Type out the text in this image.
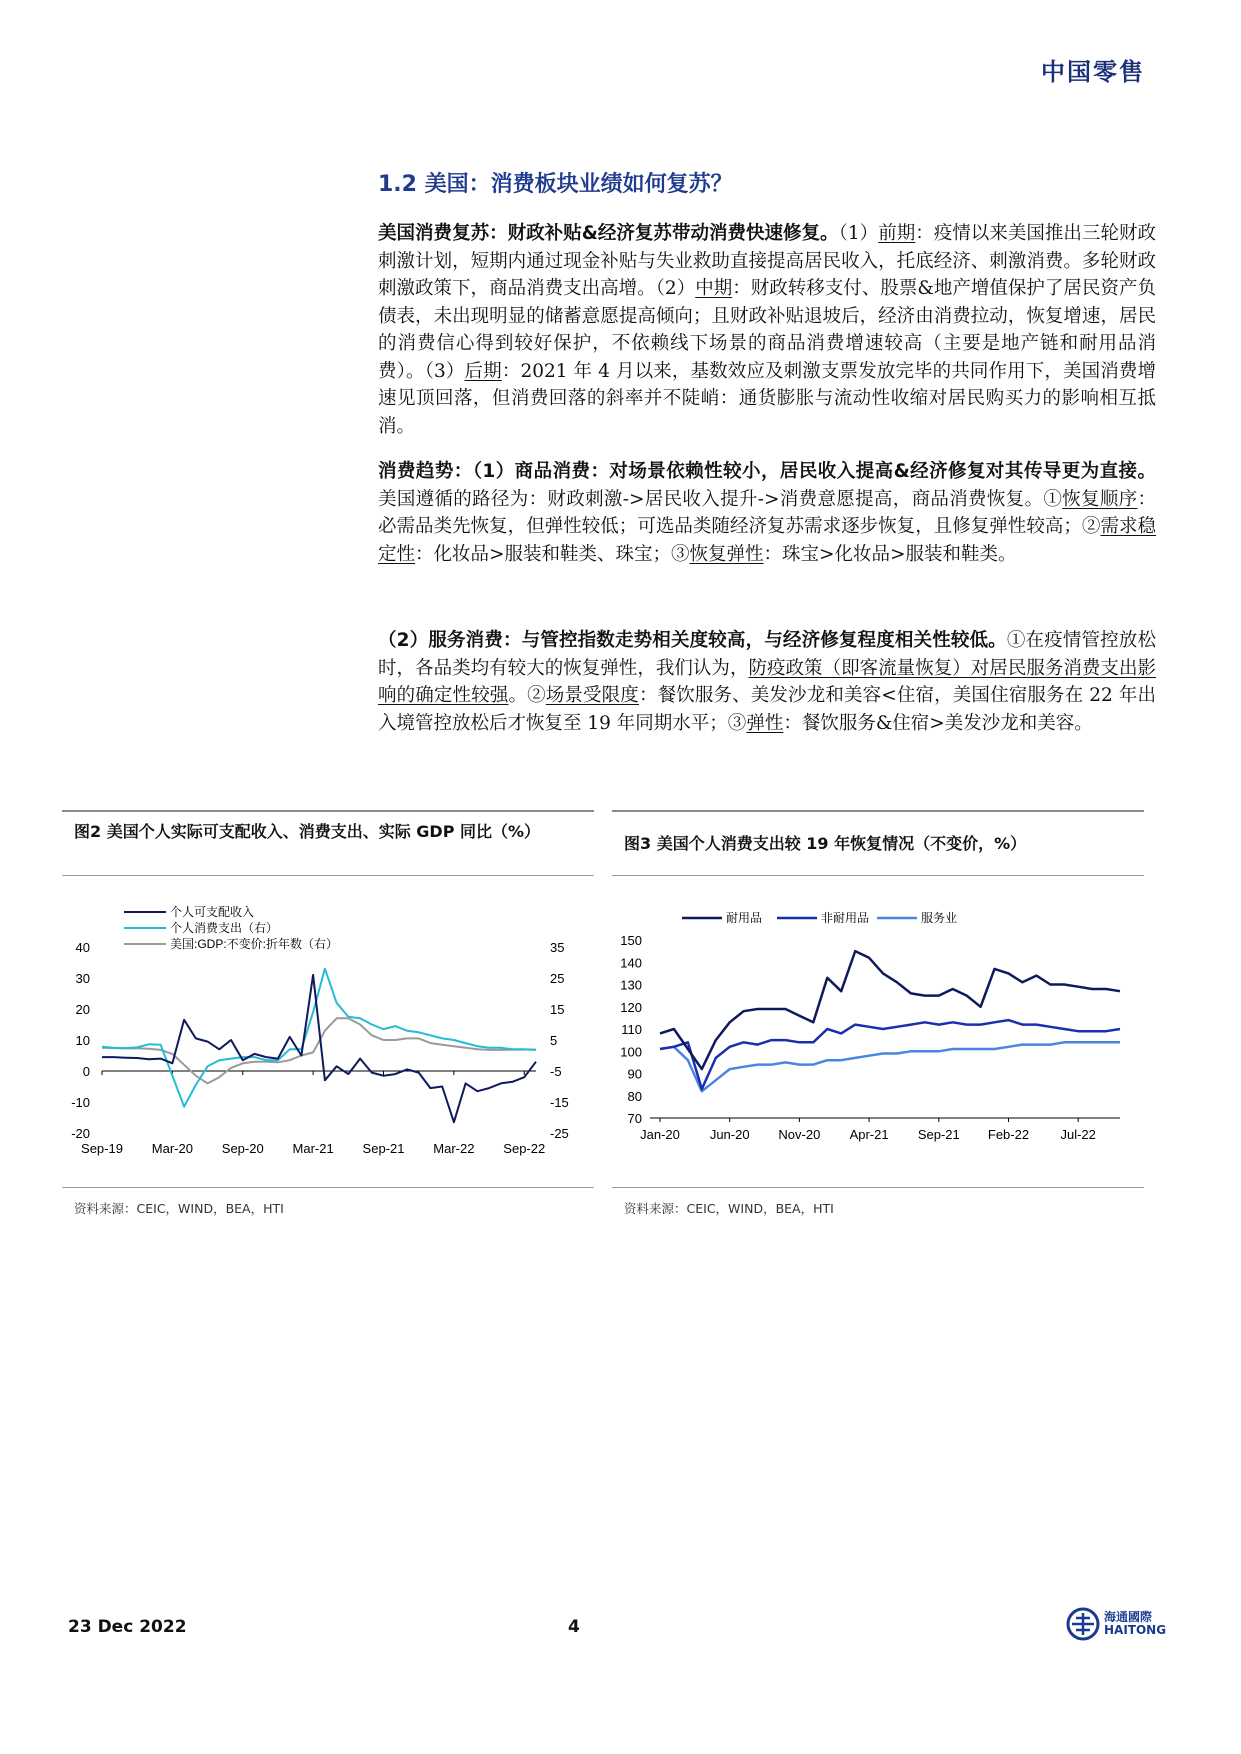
中国零售
1.2 美国：消费板块业绩如何复苏？
美国消费复苏：财政补贴&经济复苏带动消费快速修复。（1）前期：疫情以来美国推出三轮财政刺激计划，短期内通过现金补贴与失业救助直接提高居民收入，托底经济、刺激消费。多轮财政刺激政策下，商品消费支出高增。（2）中期：财政转移支付、股票&地产增值保护了居民资产负债表，未出现明显的储蓄意愿提高倾向；且财政补贴退坡后，经济由消费拉动，恢复增速，居民的消费信心得到较好保护，不依赖线下场景的商品消费增速较高（主要是地产链和耐用品消费）。（3）后期：2021 年 4 月以来，基数效应及刺激支票发放完毕的共同作用下，美国消费增速见顶回落，但消费回落的斜率并不陡峭：通货膨胀与流动性收缩对居民购买力的影响相互抵消。
消费趋势：（1）商品消费：对场景依赖性较小，居民收入提高&经济修复对其传导更为直接。美国遵循的路径为：财政刺激->居民收入提升->消费意愿提高，商品消费恢复。①恢复顺序：必需品类先恢复，但弹性较低；可选品类随经济复苏需求逐步恢复，且修复弹性较高；②需求稳定性：化妆品>服装和鞋类、珠宝；③恢复弹性：珠宝>化妆品>服装和鞋类。
（2）服务消费：与管控指数走势相关度较高，与经济修复程度相关性较低。①在疫情管控放松时，各品类均有较大的恢复弹性，我们认为，防疫政策（即客流量恢复）对居民服务消费支出影响的确定性较强。②场景受限度：餐饮服务、美发沙龙和美容<住宿，美国住宿服务在 22 年出入境管控放松后才恢复至 19 年同期水平；③弹性：餐饮服务&住宿>美发沙龙和美容。
图2 美国个人实际可支配收入、消费支出、实际 GDP 同比（%）
40
30
20
10
0
-10
-20
35
25
15
5
-5
-15
-25
Sep-19 Mar-20 Sep-20 Mar-21 Sep-21 Mar-22 Sep-22
个人可支配收入
个人消费支出（右）
美国:GDP:不变价:折年数（右）
资料来源：CEIC，WIND，BEA，HTI
图3 美国个人消费支出较 19 年恢复情况（不变价，%）
150
140
130
120
110
100
90
80
70
Jan-20 Jun-20 Nov-20 Apr-21 Sep-21 Feb-22 Jul-22
耐用品	非耐用品	服务业
资料来源：CEIC，WIND，BEA，HTI
23 Dec 2022	4	海通國際
HAITONG
